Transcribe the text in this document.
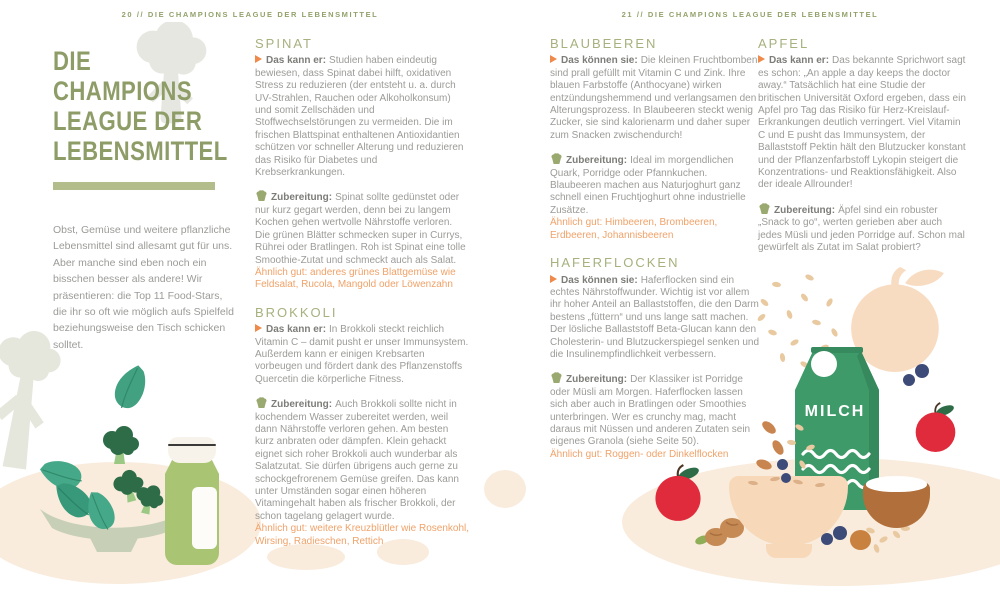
20 // DIE CHAMPIONS LEAGUE DER LEBENSMITTEL	21 // DIE CHAMPIONS LEAGUE DER LEBENSMITTEL
DIE
CHAMPIONS
LEAGUE DER
LEBENSMITTEL
Obst, Gemüse und weitere pflanzliche Lebensmittel sind allesamt gut für uns. Aber manche sind eben noch ein bisschen besser als andere! Wir präsentieren: die Top 11 Food-Stars, die ihr so oft wie möglich aufs Spielfeld beziehungsweise den Tisch schicken solltet.
SPINAT

Das kann er: Studien haben eindeutig bewiesen, dass Spinat dabei hilft, oxidativen Stress zu reduzieren (der entsteht u. a. durch UV-Strahlen, Rauchen oder Alkoholkonsum) und somit Zellschäden und Stoffwechselstörungen zu vermeiden. Die im frischen Blattspinat enthaltenen Antioxidantien schützen vor schneller Alterung und reduzieren das Risiko für Diabetes und Krebserkrankungen.

Zubereitung: Spinat sollte gedünstet oder nur kurz gegart werden, denn bei zu langem Kochen gehen wertvolle Nährstoffe verloren. Die grünen Blätter schmecken super in Currys, Rührei oder Bratlingen. Roh ist Spinat eine tolle Smoothie-Zutat und schmeckt auch als Salat.
Ähnlich gut: anderes grünes Blattgemüse wie Feldsalat, Rucola, Mangold oder Löwenzahn

BROKKOLI

Das kann er: In Brokkoli steckt reichlich Vitamin C – damit pusht er unser Immunsystem. Außerdem kann er einigen Krebsarten vorbeugen und fördert dank des Pflanzenstoffs Quercetin die körperliche Fitness.

Zubereitung: Auch Brokkoli sollte nicht in kochendem Wasser zubereitet werden, weil dann Nährstoffe verloren gehen. Am besten kurz anbraten oder dämpfen. Klein gehackt eignet sich roher Brokkoli auch wunderbar als Salatzutat. Sie dürfen übrigens auch gerne zu schockgefrorenem Gemüse greifen. Das kann unter Umständen sogar einen höheren Vitamingehalt haben als frischer Brokkoli, der schon tagelang gelagert wurde.
Ähnlich gut: weitere Kreuzblütler wie Rosenkohl, Wirsing, Radieschen, Rettich

BLAUBEEREN

Das können sie: Die kleinen Fruchtbomben sind prall gefüllt mit Vitamin C und Zink. Ihre blauen Farbstoffe (Anthocyane) wirken entzündungshemmend und verlangsamen den Alterungsprozess. In Blaubeeren steckt wenig Zucker, sie sind kalorienarm und daher super zum Snacken zwischendurch!

Zubereitung: Ideal im morgendlichen Quark, Porridge oder Pfannkuchen. Blaubeeren machen aus Naturjoghurt ganz schnell einen Fruchtjoghurt ohne industrielle Zusätze.
Ähnlich gut: Himbeeren, Brombeeren, Erdbeeren, Johannisbeeren

HAFERFLOCKEN

Das können sie: Haferflocken sind ein echtes Nährstoffwunder. Wichtig ist vor allem ihr hoher Anteil an Ballaststoffen, die den Darm bestens „füttern“ und uns lange satt machen. Der lösliche Ballaststoff Beta-Glucan kann den Cholesterin- und Blutzuckerspiegel senken und die Insulinempfindlichkeit verbessern.

Zubereitung: Der Klassiker ist Porridge oder Müsli am Morgen. Haferflocken lassen sich aber auch in Bratlingen oder Smoothies unterbringen. Wer es crunchy mag, macht daraus mit Nüssen und anderen Zutaten sein eigenes Granola (siehe Seite 50).
Ähnlich gut: Roggen- oder Dinkelflocken

APFEL

Das kann er: Das bekannte Sprichwort sagt es schon: „An apple a day keeps the doctor away.“ Tatsächlich hat eine Studie der britischen Universität Oxford ergeben, dass ein Apfel pro Tag das Risiko für Herz-Kreislauf-Erkrankungen deutlich verringert. Viel Vitamin C und E pusht das Immunsystem, der Ballaststoff Pektin hält den Blutzucker konstant und der Pflanzenfarbstoff Lykopin steigert die Konzentrations- und Reaktionsfähigkeit. Also der ideale Allrounder!

Zubereitung: Äpfel sind ein robuster „Snack to go“, werten gerieben aber auch jedes Müsli und jeden Porridge auf. Schon mal gewürfelt als Zutat im Salat probiert?

MILCH
